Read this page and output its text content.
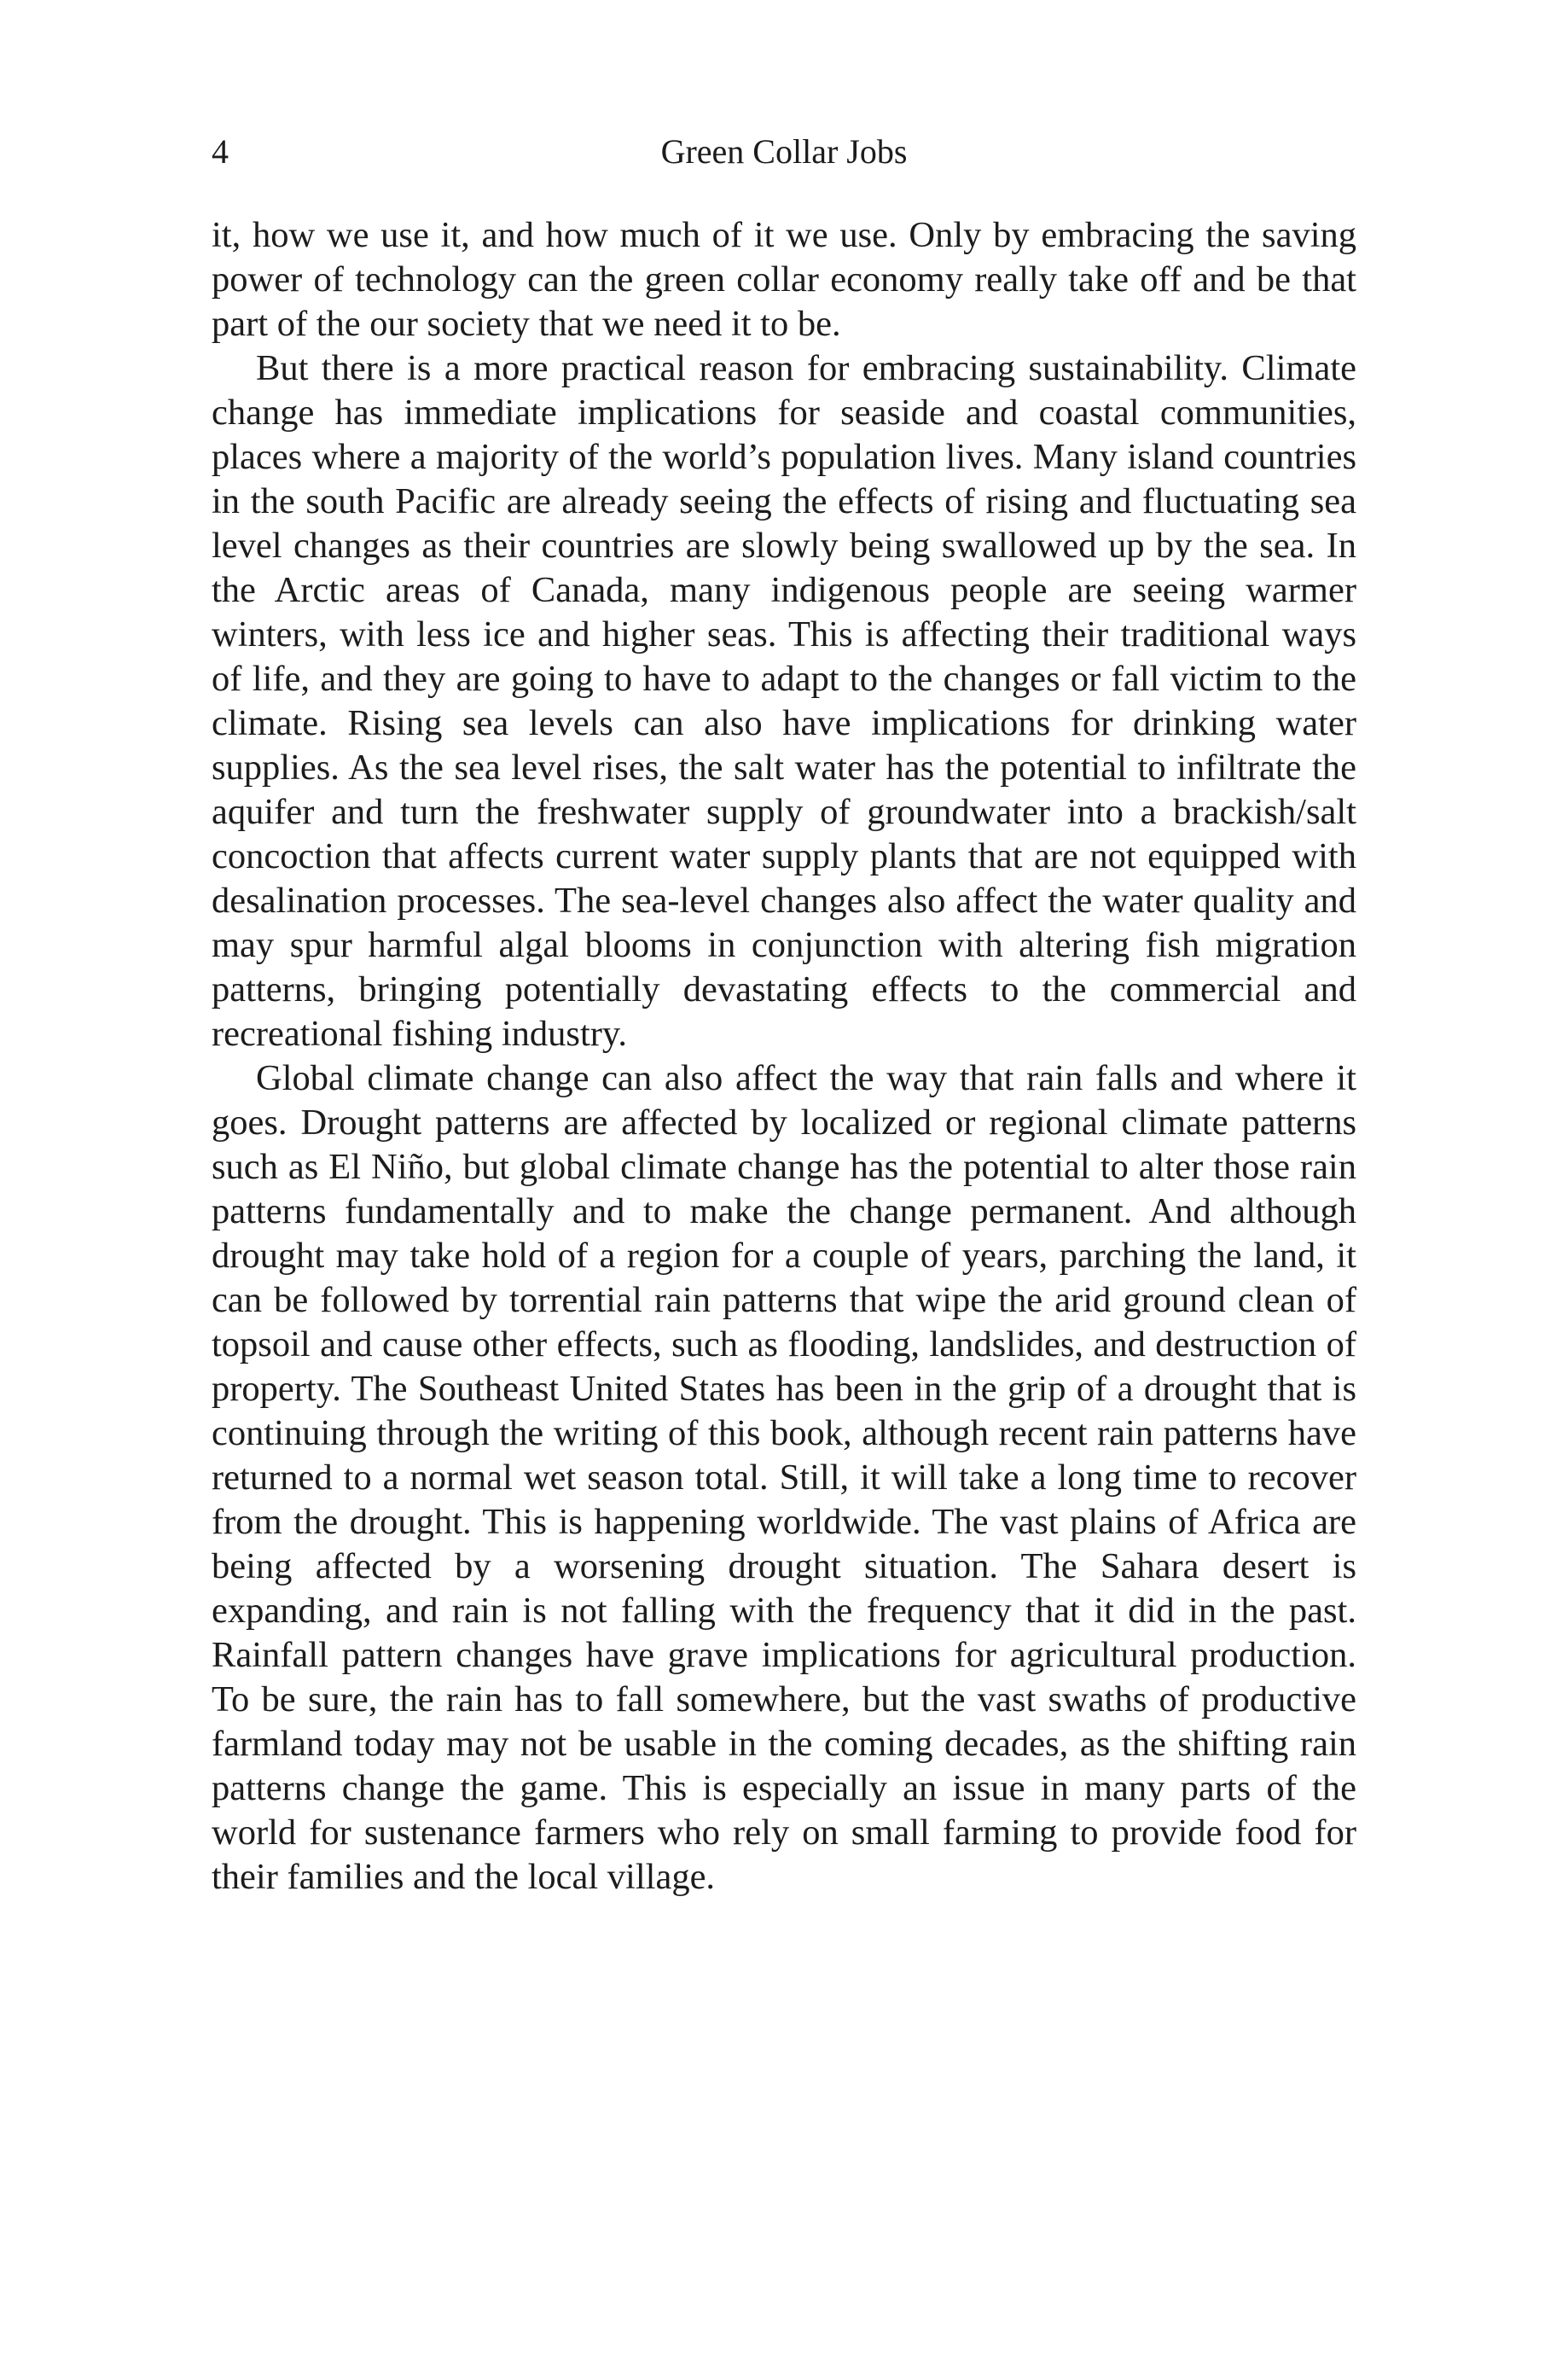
4	Green Collar Jobs

it, how we use it, and how much of it we use. Only by embracing the saving power of technology can the green collar economy really take off and be that part of the our society that we need it to be.

But there is a more practical reason for embracing sustainability. Climate change has immediate implications for seaside and coastal communities, places where a majority of the world’s population lives. Many island countries in the south Pacific are already seeing the effects of rising and fluctuating sea level changes as their countries are slowly being swallowed up by the sea. In the Arctic areas of Canada, many indigenous people are seeing warmer winters, with less ice and higher seas. This is affecting their traditional ways of life, and they are going to have to adapt to the changes or fall victim to the climate. Rising sea levels can also have implications for drinking water supplies. As the sea level rises, the salt water has the potential to infiltrate the aquifer and turn the freshwater supply of groundwater into a brackish/salt concoction that affects current water supply plants that are not equipped with desalination processes. The sea-level changes also affect the water quality and may spur harmful algal blooms in conjunction with altering fish migration patterns, bringing potentially devastating effects to the commercial and recreational fishing industry.

Global climate change can also affect the way that rain falls and where it goes. Drought patterns are affected by localized or regional climate patterns such as El Niño, but global climate change has the potential to alter those rain patterns fundamentally and to make the change permanent. And although drought may take hold of a region for a couple of years, parching the land, it can be followed by torrential rain patterns that wipe the arid ground clean of topsoil and cause other effects, such as flooding, landslides, and destruction of property. The Southeast United States has been in the grip of a drought that is continuing through the writing of this book, although recent rain patterns have returned to a normal wet season total. Still, it will take a long time to recover from the drought. This is happening worldwide. The vast plains of Africa are being affected by a worsening drought situation. The Sahara desert is expanding, and rain is not falling with the frequency that it did in the past. Rainfall pattern changes have grave implications for agricultural production. To be sure, the rain has to fall somewhere, but the vast swaths of productive farmland today may not be usable in the coming decades, as the shifting rain patterns change the game. This is especially an issue in many parts of the world for sustenance farmers who rely on small farming to provide food for their families and the local village.
